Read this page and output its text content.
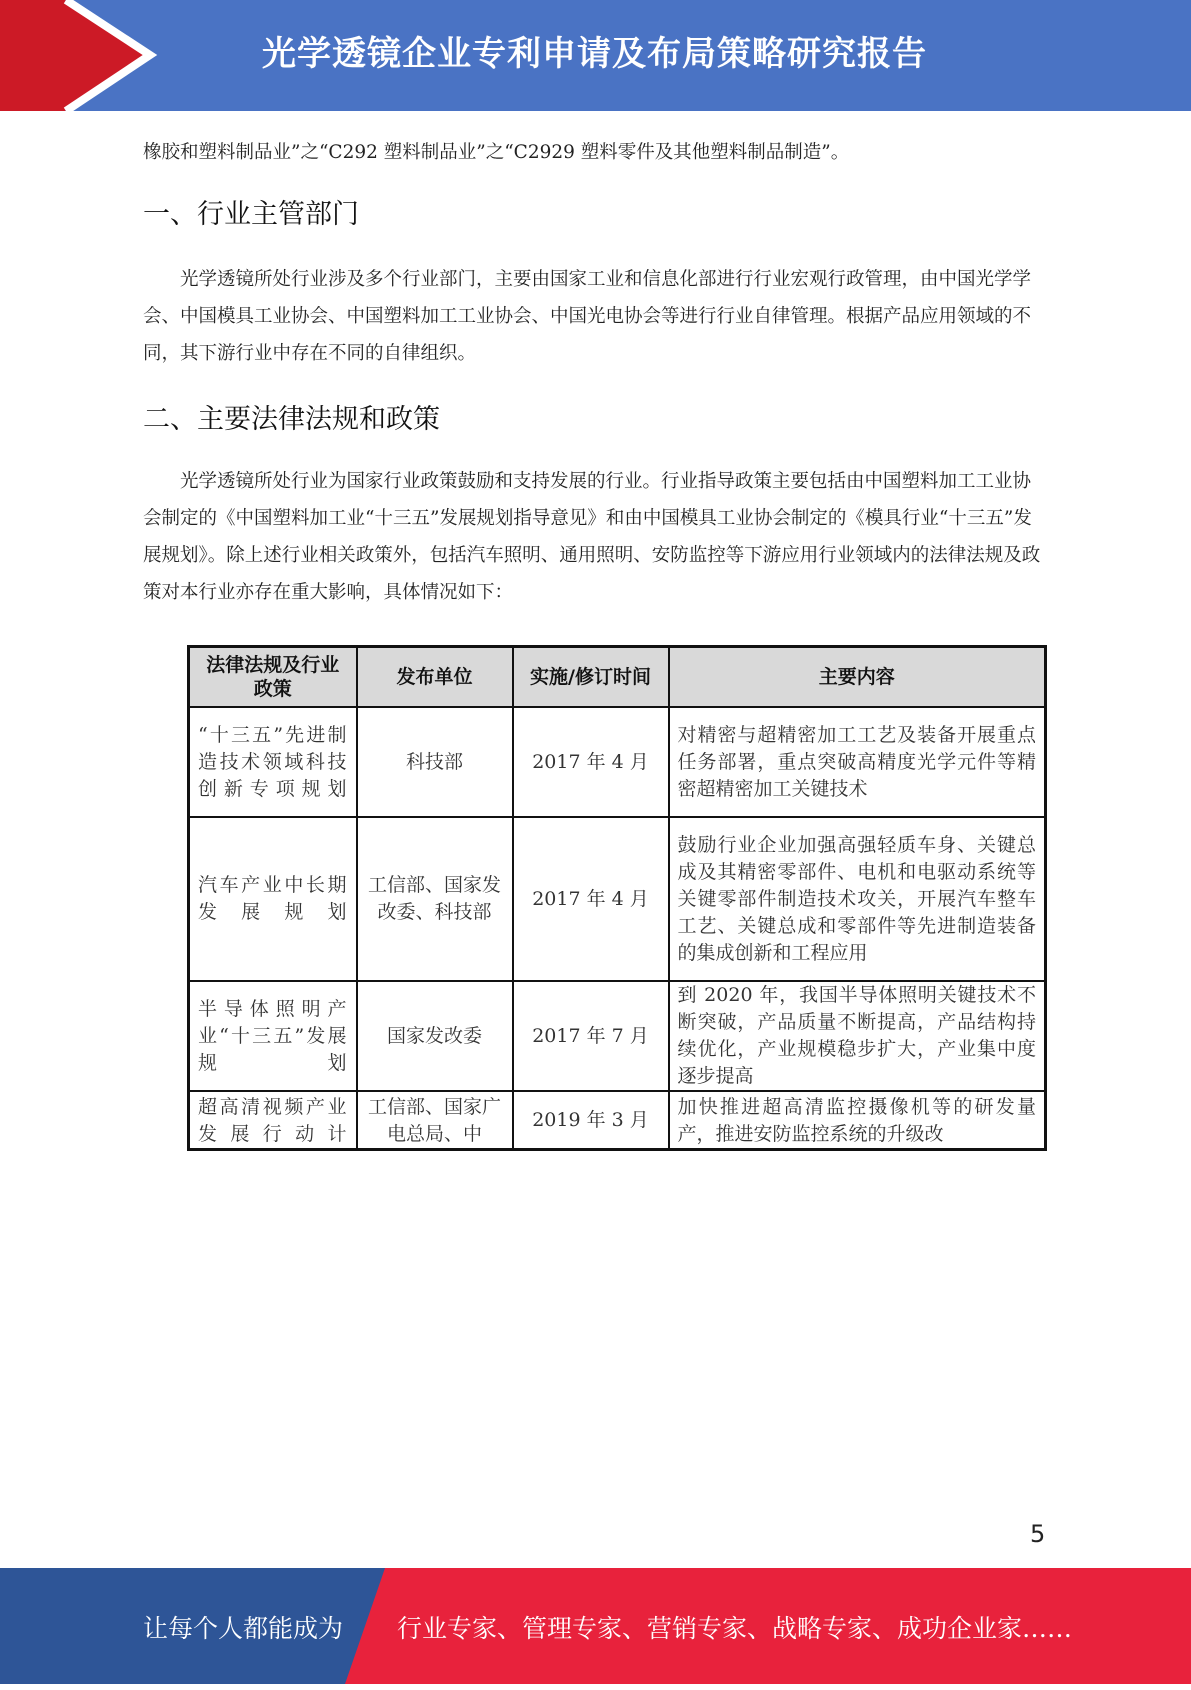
光学透镜企业专利申请及布局策略研究报告
橡胶和塑料制品业”之“C292 塑料制品业”之“C2929 塑料零件及其他塑料制品制造”。
一、行业主管部门
光学透镜所处行业涉及多个行业部门，主要由国家工业和信息化部进行行业宏观行政管理，由中国光学学会、中国模具工业协会、中国塑料加工工业协会、中国光电协会等进行行业自律管理。根据产品应用领域的不同，其下游行业中存在不同的自律组织。
二、主要法律法规和政策
光学透镜所处行业为国家行业政策鼓励和支持发展的行业。行业指导政策主要包括由中国塑料加工工业协会制定的《中国塑料加工业“十三五”发展规划指导意见》和由中国模具工业协会制定的《模具行业“十三五”发展规划》。除上述行业相关政策外，包括汽车照明、通用照明、安防监控等下游应用行业领域内的法律法规及政策对本行业亦存在重大影响，具体情况如下：
法律法规及行业政策	发布单位	实施/修订时间	主要内容
“十三五”先进制造技术领域科技创新专项规划	科技部	2017 年 4 月	对精密与超精密加工工艺及装备开展重点任务部署，重点突破高精度光学元件等精密超精密加工关键技术
汽车产业中长期发展规划	工信部、国家发改委、科技部	2017 年 4 月	鼓励行业企业加强高强轻质车身、关键总成及其精密零部件、电机和电驱动系统等关键零部件制造技术攻关，开展汽车整车工艺、关键总成和零部件等先进制造装备的集成创新和工程应用
半导体照明产业“十三五”发展规划	国家发改委	2017 年 7 月	到 2020 年，我国半导体照明关键技术不断突破，产品质量不断提高，产品结构持续优化，产业规模稳步扩大，产业集中度逐步提高

超高清视频产业发展行动计	工信部、国家广电总局、中	2019 年 3 月	加快推进超高清监控摄像机等的研发量产，推进安防监控系统的升级改
5
让每个人都能成为 行业专家、管理专家、营销专家、战略专家、成功企业家……
